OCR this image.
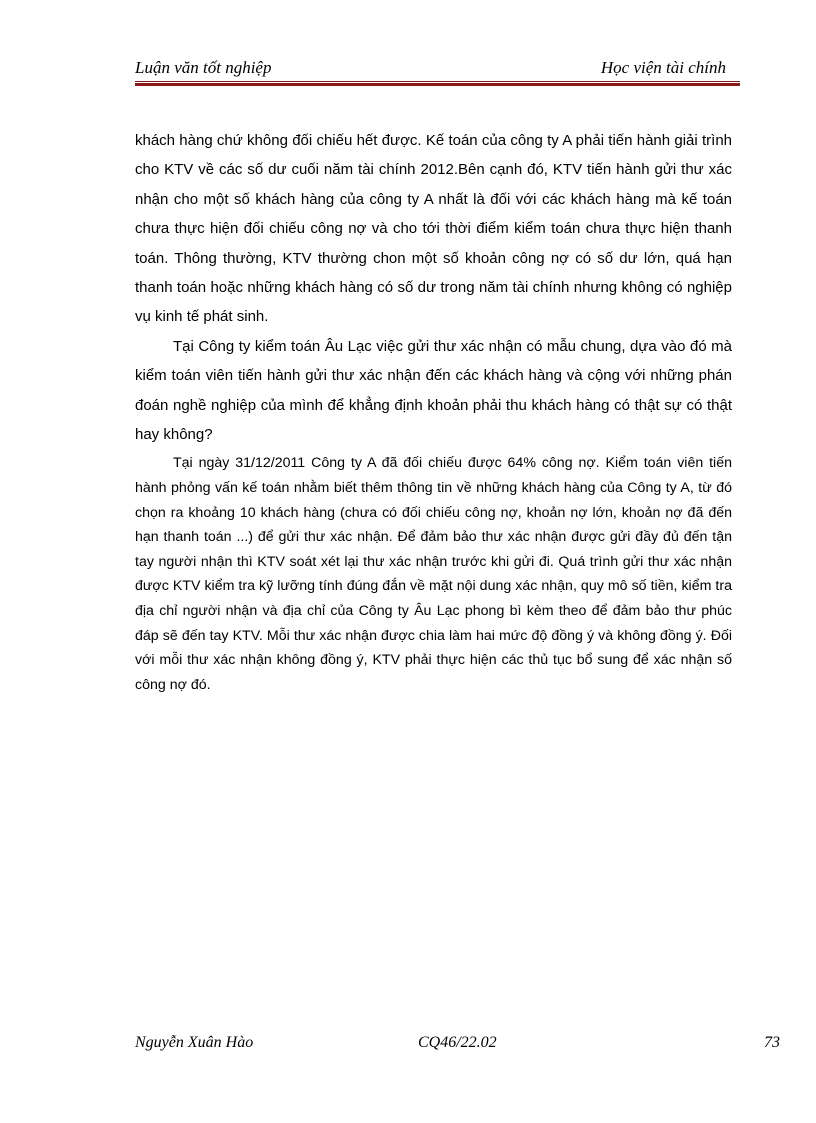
Luận văn tốt nghiệp	Học viện tài chính

khách hàng chứ không đối chiếu hết được. Kế toán của công ty A phải tiến hành giải trình cho KTV về các số dư cuối năm tài chính 2012.Bên cạnh đó, KTV tiến hành gửi thư xác nhận cho một số khách hàng của công ty A nhất là đối với các khách hàng mà kế toán chưa thực hiện đối chiếu công nợ và cho tới thời điểm kiểm toán chưa thực hiện thanh toán. Thông thường, KTV thường chon một số khoản công nợ có số dư lớn, quá hạn thanh toán hoặc những khách hàng có số dư trong năm tài chính nhưng không có nghiệp vụ kinh tế phát sinh.

Tại Công ty kiểm toán Âu Lạc việc gửi thư xác nhận có mẫu chung, dựa vào đó mà kiểm toán viên tiến hành gửi thư xác nhận đến các khách hàng và cộng với những phán đoán nghề nghiệp của mình để khẳng định khoản phải thu khách hàng có thật sự có thật hay không?

Tại ngày 31/12/2011 Công ty A đã đối chiếu được 64% công nợ. Kiểm toán viên tiến hành phỏng vấn kế toán nhằm biết thêm thông tin về những khách hàng của Công ty A, từ đó chọn ra khoảng 10 khách hàng (chưa có đối chiếu công nợ, khoản nợ lớn, khoản nợ đã đến hạn thanh toán ...) để gửi thư xác nhận. Để đảm bảo thư xác nhận được gửi đầy đủ đến tận tay người nhận thì KTV soát xét lại thư xác nhận trước khi gửi đi. Quá trình gửi thư xác nhận được KTV kiểm tra kỹ lưỡng tính đúng đắn về mặt nội dung xác nhận, quy mô số tiền, kiểm tra địa chỉ người nhận và địa chỉ của Công ty Âu Lạc phong bì kèm theo để đảm bảo thư phúc đáp sẽ đến tay KTV. Mỗi thư xác nhận được chia làm hai mức độ đồng ý và không đồng ý. Đối với mỗi thư xác nhận không đồng ý, KTV phải thực hiện các thủ tục bổ sung để xác nhận số công nợ đó.

Nguyễn Xuân Hào	CQ46/22.02	73
